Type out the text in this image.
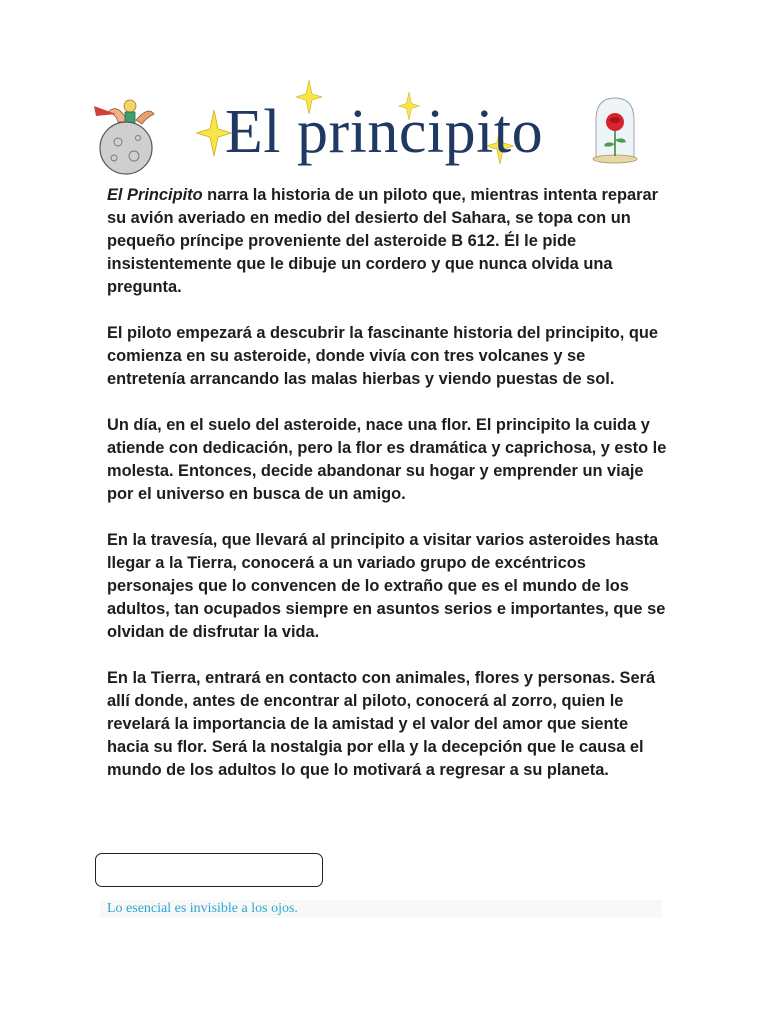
El principito

El Principito narra la historia de un piloto que, mientras intenta reparar su avión averiado en medio del desierto del Sahara, se topa con un pequeño príncipe proveniente del asteroide B 612. Él le pide insistentemente que le dibuje un cordero y que nunca olvida una pregunta.

El piloto empezará a descubrir la fascinante historia del principito, que comienza en su asteroide, donde vivía con tres volcanes y se entretenía arrancando las malas hierbas y viendo puestas de sol.

Un día, en el suelo del asteroide, nace una flor. El principito la cuida y atiende con dedicación, pero la flor es dramática y caprichosa, y esto le molesta. Entonces, decide abandonar su hogar y emprender un viaje por el universo en busca de un amigo.

En la travesía, que llevará al principito a visitar varios asteroides hasta llegar a la Tierra, conocerá a un variado grupo de excéntricos personajes que lo convencen de lo extraño que es el mundo de los adultos, tan ocupados siempre en asuntos serios e importantes, que se olvidan de disfrutar la vida.

En la Tierra, entrará en contacto con animales, flores y personas. Será allí donde, antes de encontrar al piloto, conocerá al zorro, quien le revelará la importancia de la amistad y el valor del amor que siente hacia su flor. Será la nostalgia por ella y la decepción que le causa el mundo de los adultos lo que lo motivará a regresar a su planeta.

Lo esencial es invisible a los ojos.
